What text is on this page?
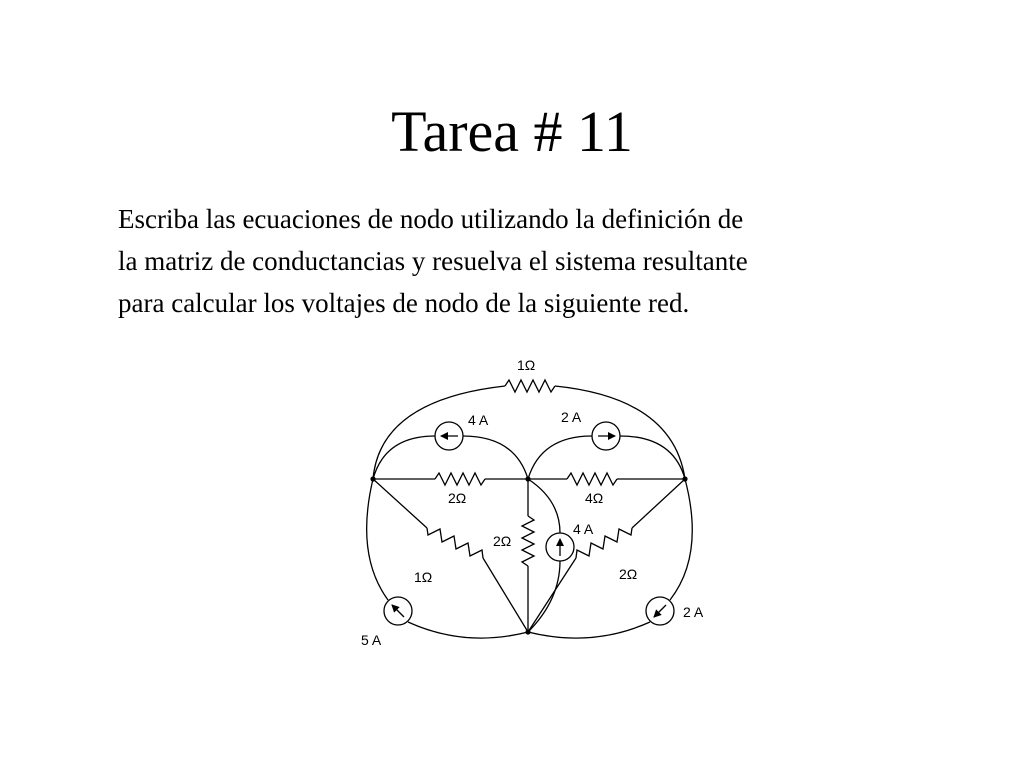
Tarea # 11
Escriba las ecuaciones de nodo utilizando la definición de
la matriz de conductancias y resuelva el sistema resultante
para calcular los voltajes de nodo de la siguiente red.
1Ω
4 A	2 A
2Ω	4Ω
2Ω
4 A
1Ω	2Ω
5 A
2 A
